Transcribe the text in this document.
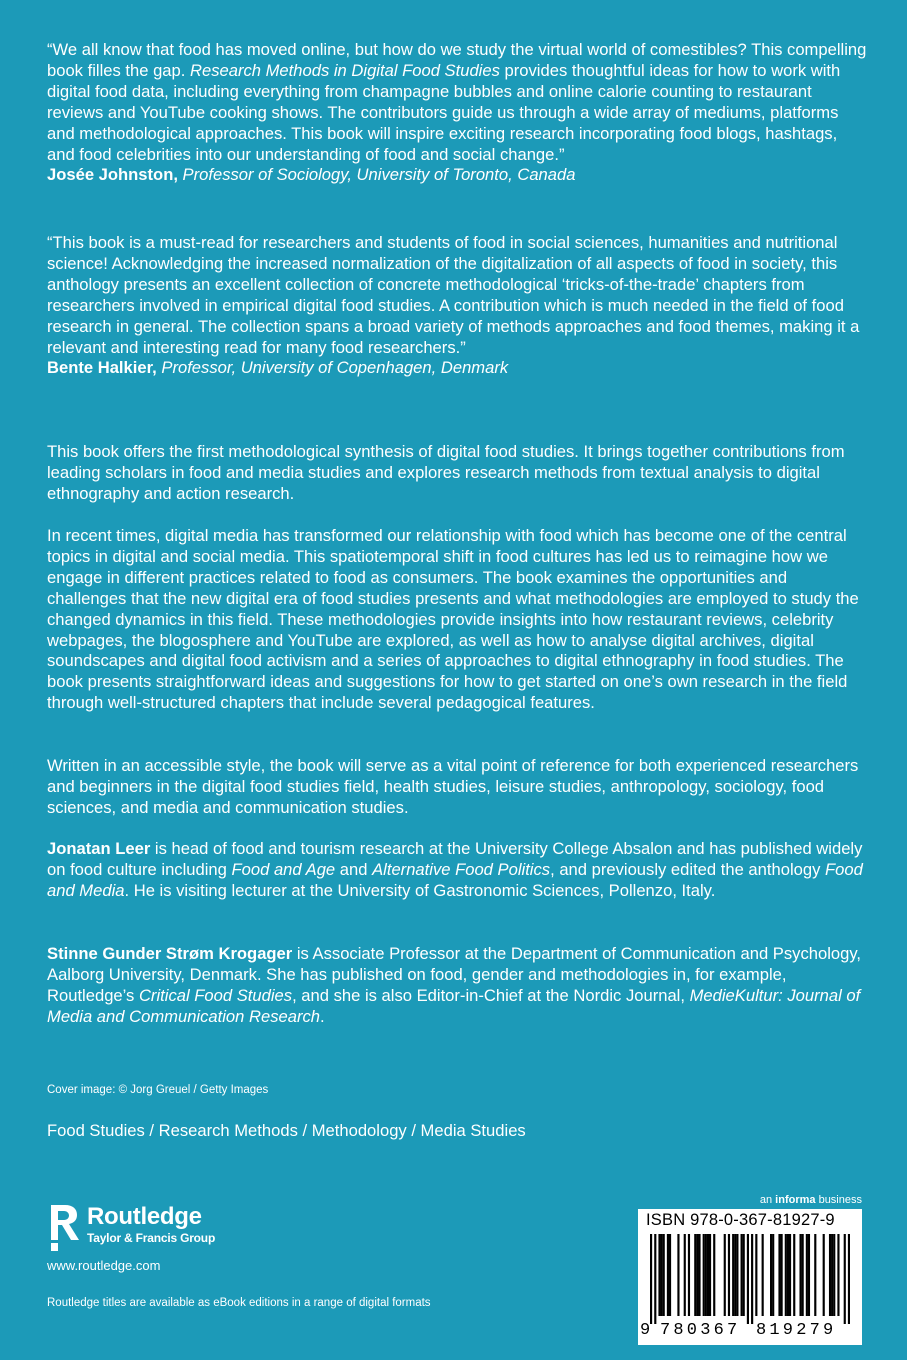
“We all know that food has moved online, but how do we study the virtual world of comestibles? This compelling book filles the gap. Research Methods in Digital Food Studies provides thoughtful ideas for how to work with digital food data, including everything from champagne bubbles and online calorie counting to restaurant reviews and YouTube cooking shows. The contributors guide us through a wide array of mediums, platforms and methodological approaches. This book will inspire exciting research incorporating food blogs, hashtags, and food celebrities into our understanding of food and social change.”

Josée Johnston, Professor of Sociology, University of Toronto, Canada

“This book is a must-read for researchers and students of food in social sciences, humanities and nutritional science! Acknowledging the increased normalization of the digitalization of all aspects of food in society, this anthology presents an excellent collection of concrete methodological ‘tricks-of-the-trade’ chapters from researchers involved in empirical digital food studies. A contribution which is much needed in the field of food research in general. The collection spans a broad variety of methods approaches and food themes, making it a relevant and interesting read for many food researchers.”

Bente Halkier, Professor, University of Copenhagen, Denmark

This book offers the first methodological synthesis of digital food studies. It brings together contributions from leading scholars in food and media studies and explores research methods from textual analysis to digital ethnography and action research.

In recent times, digital media has transformed our relationship with food which has become one of the central topics in digital and social media. This spatiotemporal shift in food cultures has led us to reimagine how we engage in different practices related to food as consumers. The book examines the opportunities and challenges that the new digital era of food studies presents and what methodologies are employed to study the changed dynamics in this field. These methodologies provide insights into how restaurant reviews, celebrity webpages, the blogosphere and YouTube are explored, as well as how to analyse digital archives, digital soundscapes and digital food activism and a series of approaches to digital ethnography in food studies. The book presents straightforward ideas and suggestions for how to get started on one’s own research in the field through well-structured chapters that include several pedagogical features.

Written in an accessible style, the book will serve as a vital point of reference for both experienced researchers and beginners in the digital food studies field, health studies, leisure studies, anthropology, sociology, food sciences, and media and communication studies.

Jonatan Leer is head of food and tourism research at the University College Absalon and has published widely on food culture including Food and Age and Alternative Food Politics, and previously edited the anthology Food and Media. He is visiting lecturer at the University of Gastronomic Sciences, Pollenzo, Italy.

Stinne Gunder Strøm Krogager is Associate Professor at the Department of Communication and Psychology, Aalborg University, Denmark. She has published on food, gender and methodologies in, for example, Routledge’s Critical Food Studies, and she is also Editor-in-Chief at the Nordic Journal, MedieKultur: Journal of Media and Communication Research.

Cover image: © Jorg Greuel / Getty Images
Food Studies / Research Methods / Methodology / Media Studies
Routledge
Taylor & Francis Group
www.routledge.com
Routledge titles are available as eBook editions in a range of digital formats
an informa business
ISBN 978-0-367-81927-9
9 780367 819279
